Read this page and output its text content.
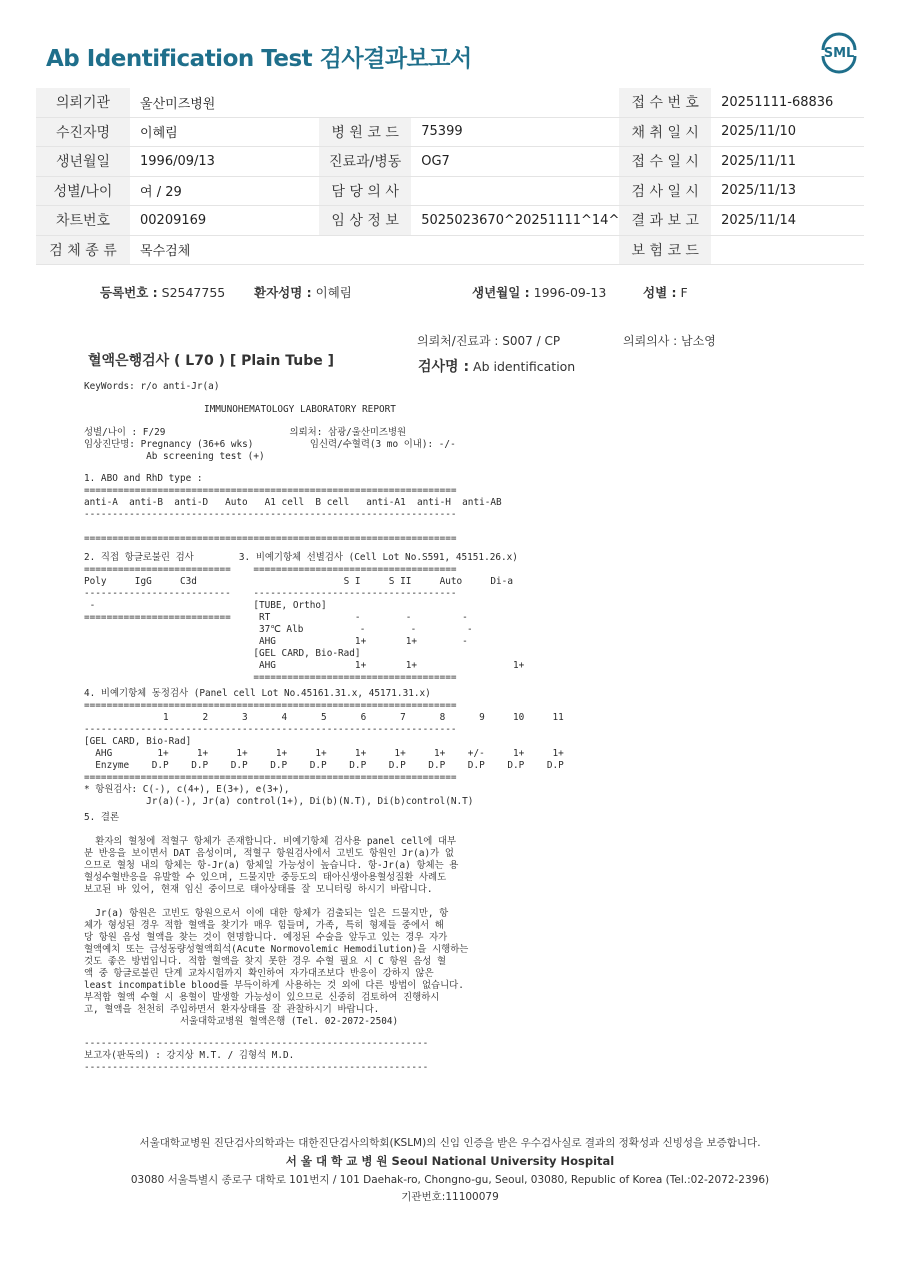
Ab Identification Test 검사결과보고서	SML
의뢰기관	울산미즈병원			접 수 번 호	20251111-68836
수진자명	이혜림	병 원 코 드	75399	채 취 일 시	2025/11/10
생년월일	1996/09/13	진료과/병동	OG7	접 수 일 시	2025/11/11
성별/나이	여 / 29	담 당 의 사		검 사 일 시	2025/11/13
차트번호	00209169	임 상 정 보	5025023670^20251111^14^	결 과 보 고	2025/11/14
검 체 종 류	목수검체			보 험 코 드	
등록번호 : S2547755 환자성명 : 이혜림	생년월일 : 1996-09-13	성별 : F
의뢰처/진료과 : S007 / CP	의뢰의사 : 남소영
혈액은행검사 ( L70 ) [ Plain Tube ]	검사명 : Ab identification
KeyWords: r/o anti-Jr(a)
IMMUNOHEMATOLOGY LABORATORY REPORT
성별/나이 : F/29                      의뢰처: 삼광/울산미즈병원
임상진단명: Pregnancy (36+6 wks)          임신력/수혈력(3 mo 이내): -/-
Ab screening test (+)
1. ABO and RhD type :
==================================================================
anti-A  anti-B  anti-D   Auto   A1 cell  B cell   anti-A1  anti-H  anti-AB
------------------------------------------------------------------

==================================================================
2. 직접 항글로불린 검사        3. 비예기항체 선별검사 (Cell Lot No.S591, 45151.26.x)
==========================    ====================================
Poly     IgG     C3d                          S I     S II     Auto     Di-a
--------------------------    ------------------------------------
-                            [TUBE, Ortho]
==========================     RT               -        -         -
37℃ Alb          -        -         -
AHG              1+       1+        -
[GEL CARD, Bio-Rad]
AHG              1+       1+                 1+
====================================
4. 비예기항체 동정검사 (Panel cell Lot No.45161.31.x, 45171.31.x)
==================================================================
1      2      3      4      5      6      7      8      9     10     11
------------------------------------------------------------------
[GEL CARD, Bio-Rad]
AHG        1+     1+     1+     1+     1+     1+     1+     1+    +/-     1+     1+
Enzyme    D.P    D.P    D.P    D.P    D.P    D.P    D.P    D.P    D.P    D.P    D.P
==================================================================
* 항원검사: C(-), c(4+), E(3+), e(3+),
Jr(a)(-), Jr(a) control(1+), Di(b)(N.T), Di(b)control(N.T)
5. 결론

환자의 혈청에 적혈구 항체가 존재합니다. 비예기항체 검사용 panel cell에 대부
분 반응을 보이면서 DAT 음성이며, 적혈구 항원검사에서 고빈도 항원인 Jr(a)가 없
으므로 혈청 내의 항체는 항-Jr(a) 항체일 가능성이 높습니다. 항-Jr(a) 항체는 용
혈성수혈반응을 유발할 수 있으며, 드물지만 중등도의 태아신생아용혈성질환 사례도
보고된 바 있어, 현재 임신 중이므로 태아상태를 잘 모니터링 하시기 바랍니다.

Jr(a) 항원은 고빈도 항원으로서 이에 대한 항체가 검출되는 일은 드물지만, 항
체가 형성된 경우 적합 혈액을 찾기가 매우 힘들며, 가족, 특히 형제들 중에서 해
당 항원 음성 혈액을 찾는 것이 현명합니다. 예정된 수술을 앞두고 있는 경우 자가
혈액예치 또는 급성동량성혈액희석(Acute Normovolemic Hemodilution)을 시행하는
것도 좋은 방법입니다. 적합 혈액을 찾지 못한 경우 수혈 필요 시 C 항원 음성 혈
액 중 항글로불린 단계 교차시험까지 확인하여 자가대조보다 반응이 강하지 않은
least incompatible blood를 부득이하게 사용하는 것 외에 다른 방법이 없습니다.
부적합 혈액 수혈 시 용혈이 발생할 가능성이 있으므로 신중히 검토하여 진행하시
고, 혈액을 천천히 주입하면서 환자상태를 잘 관찰하시기 바랍니다.
서울대학교병원 혈액은행 (Tel. 02-2072-2504)
-------------------------------------------------------------
보고자(판독의) : 강지상 M.T. / 김형석 M.D.
-------------------------------------------------------------
서울대학교병원 진단검사의학과는 대한진단검사의학회(KSLM)의 신임 인증을 받은 우수검사실로 결과의 정확성과 신빙성을 보증합니다.
서 울 대 학 교 병 원 Seoul National University Hospital
03080 서울특별시 종로구 대학로 101번지 / 101 Daehak-ro, Chongno-gu, Seoul, 03080, Republic of Korea (Tel.:02-2072-2396)
기관번호:11100079
